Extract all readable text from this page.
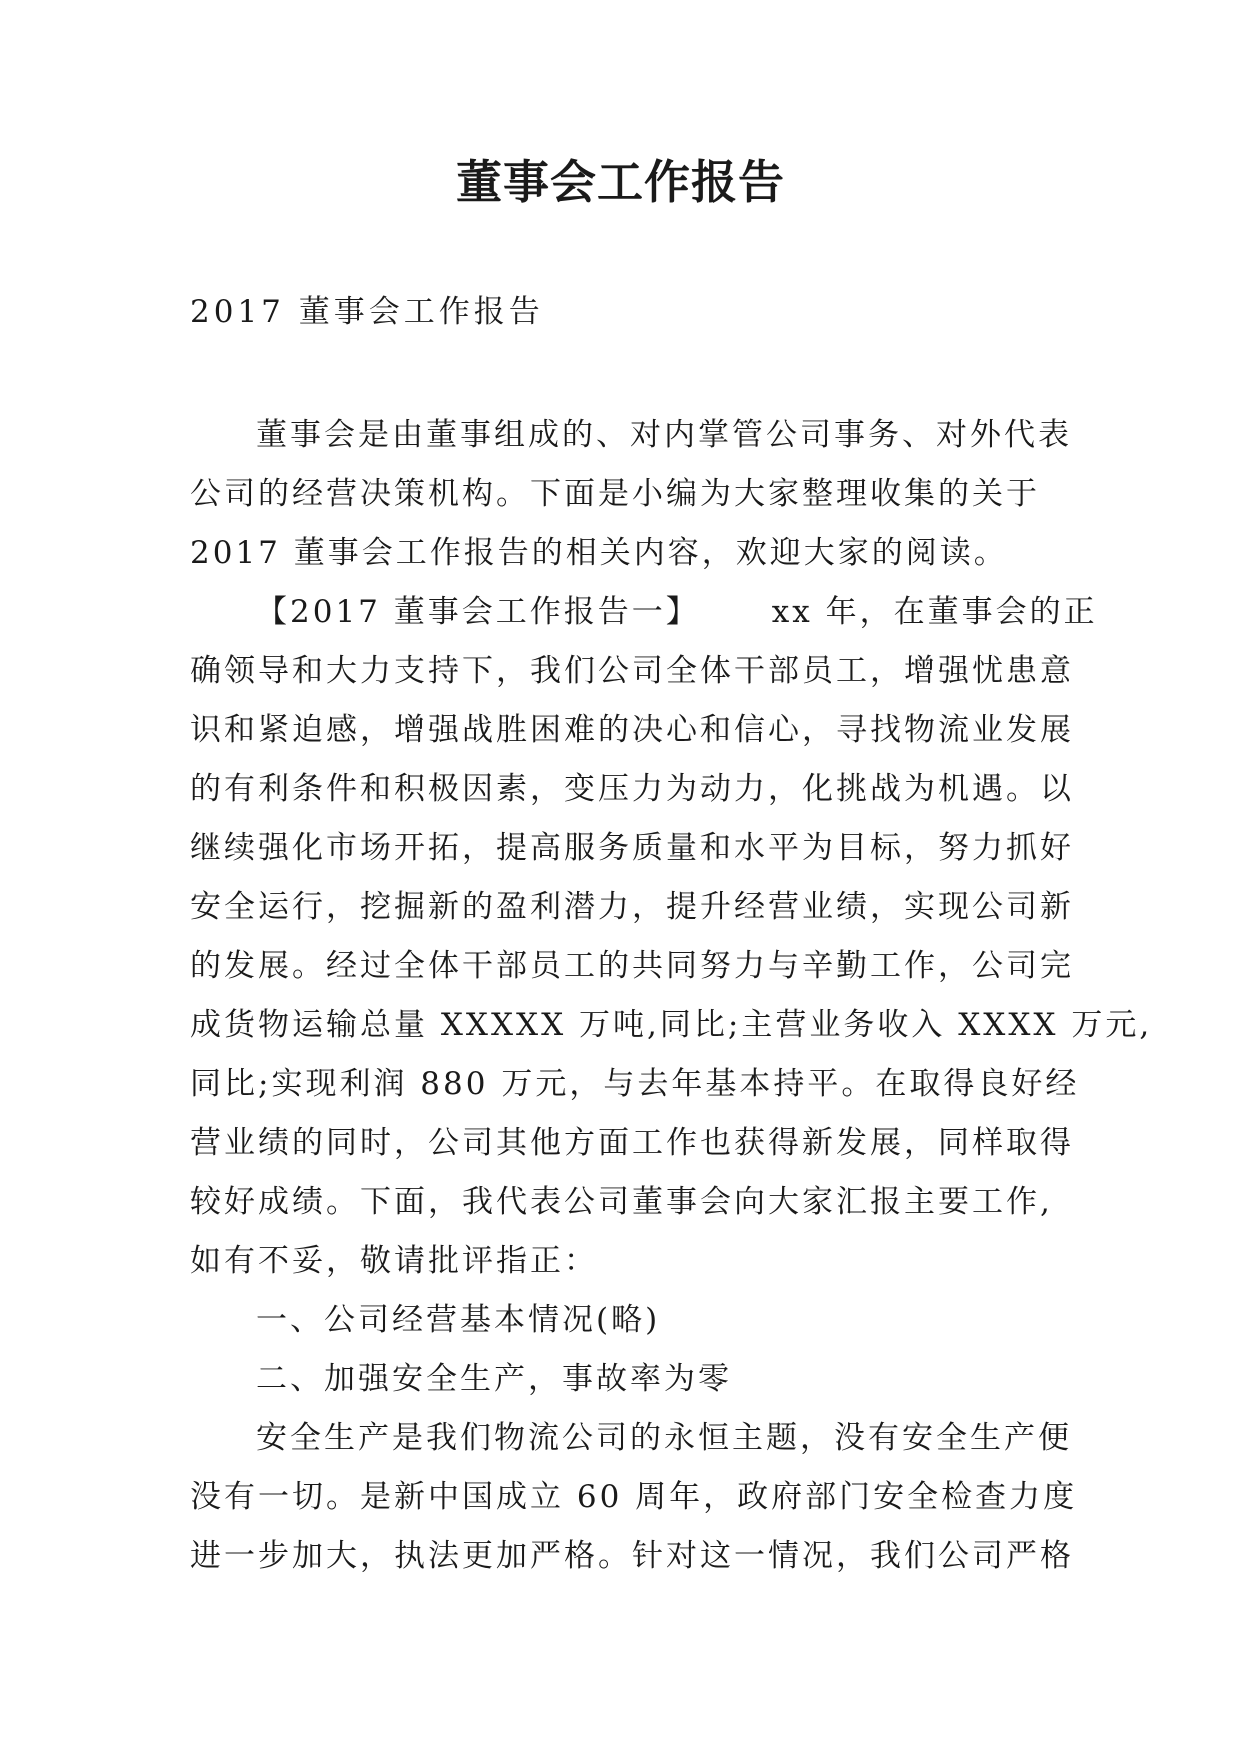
董事会工作报告

2017 董事会工作报告

董事会是由董事组成的、对内掌管公司事务、对外代表
公司的经营决策机构。下面是小编为大家整理收集的关于
2017 董事会工作报告的相关内容，欢迎大家的阅读。
【2017 董事会工作报告一】 xx 年，在董事会的正
确领导和大力支持下，我们公司全体干部员工，增强忧患意
识和紧迫感，增强战胜困难的决心和信心，寻找物流业发展
的有利条件和积极因素，变压力为动力，化挑战为机遇。以
继续强化市场开拓，提高服务质量和水平为目标，努力抓好
安全运行，挖掘新的盈利潜力，提升经营业绩，实现公司新
的发展。经过全体干部员工的共同努力与辛勤工作，公司完
成货物运输总量 XXXXX 万吨,同比;主营业务收入 XXXX 万元,
同比;实现利润 880 万元，与去年基本持平。在取得良好经
营业绩的同时，公司其他方面工作也获得新发展，同样取得
较好成绩。下面，我代表公司董事会向大家汇报主要工作,
如有不妥，敬请批评指正：
一、公司经营基本情况(略)
二、加强安全生产，事故率为零
安全生产是我们物流公司的永恒主题，没有安全生产便
没有一切。是新中国成立 60 周年，政府部门安全检查力度
进一步加大，执法更加严格。针对这一情况，我们公司严格
